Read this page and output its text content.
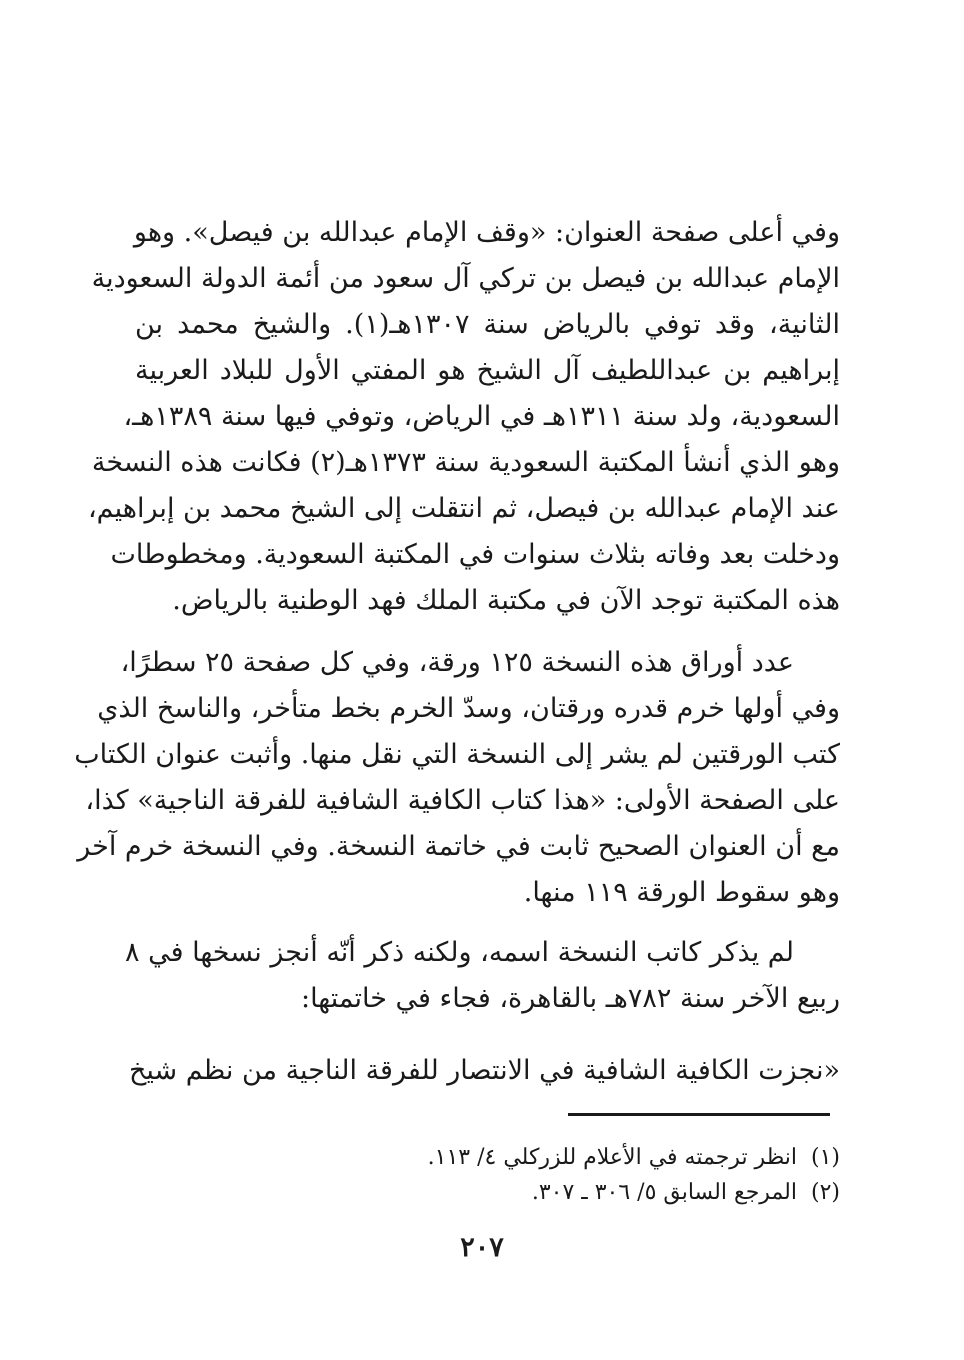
وفي أعلى صفحة العنوان: «وقف الإمام عبدالله بن فيصل». وهو
الإمام عبدالله بن فيصل بن تركي آل سعود من أئمة الدولة السعودية
الثانية، وقد توفي بالرياض سنة ١٣٠٧هـ(١). والشيخ محمد بن
إبراهيم بن عبداللطيف آل الشيخ هو المفتي الأول للبلاد العربية
السعودية، ولد سنة ١٣١١هـ في الرياض، وتوفي فيها سنة ١٣٨٩هـ،
وهو الذي أنشأ المكتبة السعودية سنة ١٣٧٣هـ(٢) فكانت هذه النسخة
عند الإمام عبدالله بن فيصل، ثم انتقلت إلى الشيخ محمد بن إبراهيم،
ودخلت بعد وفاته بثلاث سنوات في المكتبة السعودية. ومخطوطات
هذه المكتبة توجد الآن في مكتبة الملك فهد الوطنية بالرياض.
عدد أوراق هذه النسخة ١٢٥ ورقة، وفي كل صفحة ٢٥ سطرًا،
وفي أولها خرم قدره ورقتان، وسدّ الخرم بخط متأخر، والناسخ الذي
كتب الورقتين لم يشر إلى النسخة التي نقل منها. وأثبت عنوان الكتاب
على الصفحة الأولى: «هذا كتاب الكافية الشافية للفرقة الناجية» كذا،
مع أن العنوان الصحيح ثابت في خاتمة النسخة. وفي النسخة خرم آخر
وهو سقوط الورقة ١١٩ منها.
لم يذكر كاتب النسخة اسمه، ولكنه ذكر أنّه أنجز نسخها في ٨
ربيع الآخر سنة ٧٨٢هـ بالقاهرة، فجاء في خاتمتها:
«نجزت الكافية الشافية في الانتصار للفرقة الناجية من نظم شيخ
(١)انظر ترجمته في الأعلام للزركلي ٤/ ١١٣.
(٢)المرجع السابق ٥/ ٣٠٦ ـ ٣٠٧.
٢٠٧
